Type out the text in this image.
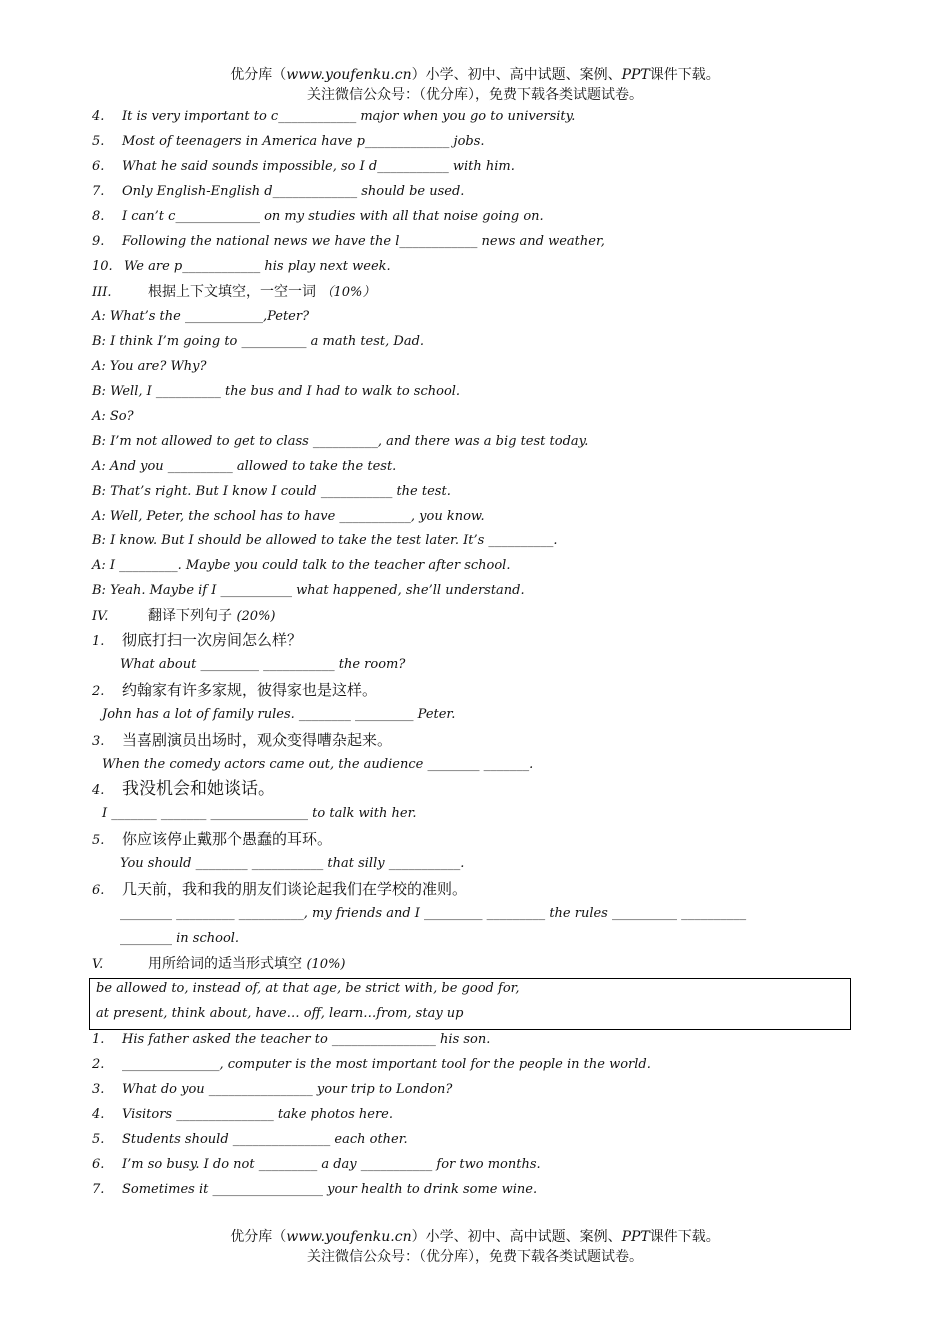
优分库（www.youfenku.cn）小学、初中、高中试题、案例、PPT课件下载。
关注微信公众号：（优分库），免费下载各类试题试卷。
4. It is very important to c____________ major when you go to university.
5. Most of teenagers in America have p_____________ jobs.
6. What he said sounds impossible, so I d___________ with him.
7. Only English-English d_____________ should be used.
8. I can’t c_____________ on my studies with all that noise going on.
9. Following the national news we have the l____________ news and weather,
10. We are p____________ his play next week.
III.	根据上下文填空，一空一词 （10%）
A: What’s the ____________,Peter?
B: I think I’m going to __________ a math test, Dad.
A: You are? Why?
B: Well, I __________ the bus and I had to walk to school.
A: So?
B: I’m not allowed to get to class __________, and there was a big test today.
A: And you __________ allowed to take the test.
B: That’s right. But I know I could ___________ the test.
A: Well, Peter, the school has to have ___________, you know.
B: I know. But I should be allowed to take the test later. It’s __________.
A: I _________. Maybe you could talk to the teacher after school.
B: Yeah. Maybe if I ___________ what happened, she’ll understand.
IV.	翻译下列句子 (20%)
1. 彻底打扫一次房间怎么样？
What about _________ ___________ the room?
2. 约翰家有许多家规，彼得家也是这样。
John has a lot of family rules. ________ _________ Peter.
3. 当喜剧演员出场时，观众变得嘈杂起来。
When the comedy actors came out, the audience ________ _______.
4. 我没机会和她谈话。
I _______ _______ _______________ to talk with her.
5. 你应该停止戴那个愚蠢的耳环。
You should ________ ___________ that silly ___________.
6. 几天前，我和我的朋友们谈论起我们在学校的准则。
________ _________ __________, my friends and I _________ _________ the rules __________ __________
________ in school.
V.	用所给词的适当形式填空 (10%)
be allowed to, instead of, at that age, be strict with, be good for,
at present, think about, have… off, learn…from, stay up
1. His father asked the teacher to ________________ his son.
2. _______________, computer is the most important tool for the people in the world.
3. What do you ________________ your trip to London?
4. Visitors _______________ take photos here.
5. Students should _______________ each other.
6. I’m so busy. I do not _________ a day ___________ for two months.
7. Sometimes it _________________ your health to drink some wine.
优分库（www.youfenku.cn）小学、初中、高中试题、案例、PPT课件下载。
关注微信公众号：（优分库），免费下载各类试题试卷。
